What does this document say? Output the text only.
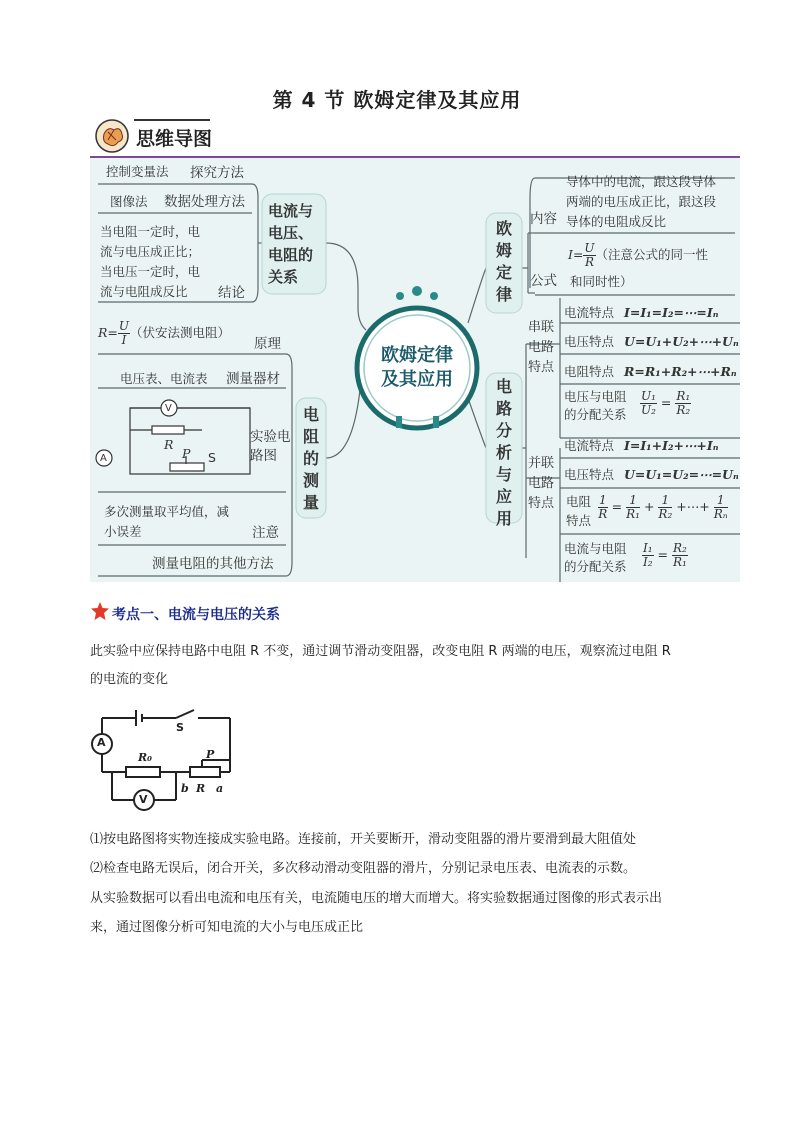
第 4 节 欧姆定律及其应用
思维导图
欧姆定律
及其应用
控制变量法 探究方法
图像法 数据处理方法
当电阻一定时，电
流与电压成正比；
当电压一定时，电
流与电阻成反比 结论
电流与
电压、
电阻的
关系
$R= \frac{U}{I}$ （伏安法测电阻）
原理
电压表、电流表 测量器材
V
R
A	P S
实验电
路图
多次测量取平均值，减
小误差	注意
测量电阻的其他方法
电
阻
的
测
量
欧
姆
定
律
导体中的电流，跟这段导体
两端的电压成正比，跟这段
导体的电阻成反比
内容
$I= \frac{U}{R}$ （注意公式的同一性
和同时性）
公式
电
路
分
析
与
应
用
串联
电路
特点
电流特点 I=I₁=I₂=⋯=Iₙ
电压特点 U=U₁+U₂+⋯+Uₙ
电阻特点 R=R₁+R₂+⋯+Rₙ
电压与电阻
的分配关系 $\frac{\text{U₁}}{\text{U₂}} = \frac{\text{R₁}}{\text{R₂}}$
并联
电路
特点
电流特点 I=I₁+I₂+⋯+Iₙ
电压特点 U=U₁=U₂=⋯=Uₙ
电阻
特点 $\frac{1}{R} = \frac{1}{\text{R₁}} + \frac{1}{\text{R₂}}$ +⋯+ $\frac{1}{\text{Rₙ}}$
电流与电阻
的分配关系 $\frac{\text{I₁}}{\text{I₂}} = \frac{\text{R₂}}{\text{R₁}}$
考点一、电流与电压的关系
此实验中应保持电路中电阻 R 不变，通过调节滑动变阻器，改变电阻 R 两端的电压，观察流过电阻 R
的电流的变化
A
S
R₀	P
V
b R a
⑴按电路图将实物连接成实验电路。连接前，开关要断开，滑动变阻器的滑片要滑到最大阻值处
⑵检查电路无误后，闭合开关，多次移动滑动变阻器的滑片，分别记录电压表、电流表的示数。
从实验数据可以看出电流和电压有关，电流随电压的增大而增大。将实验数据通过图像的形式表示出
来，通过图像分析可知电流的大小与电压成正比
